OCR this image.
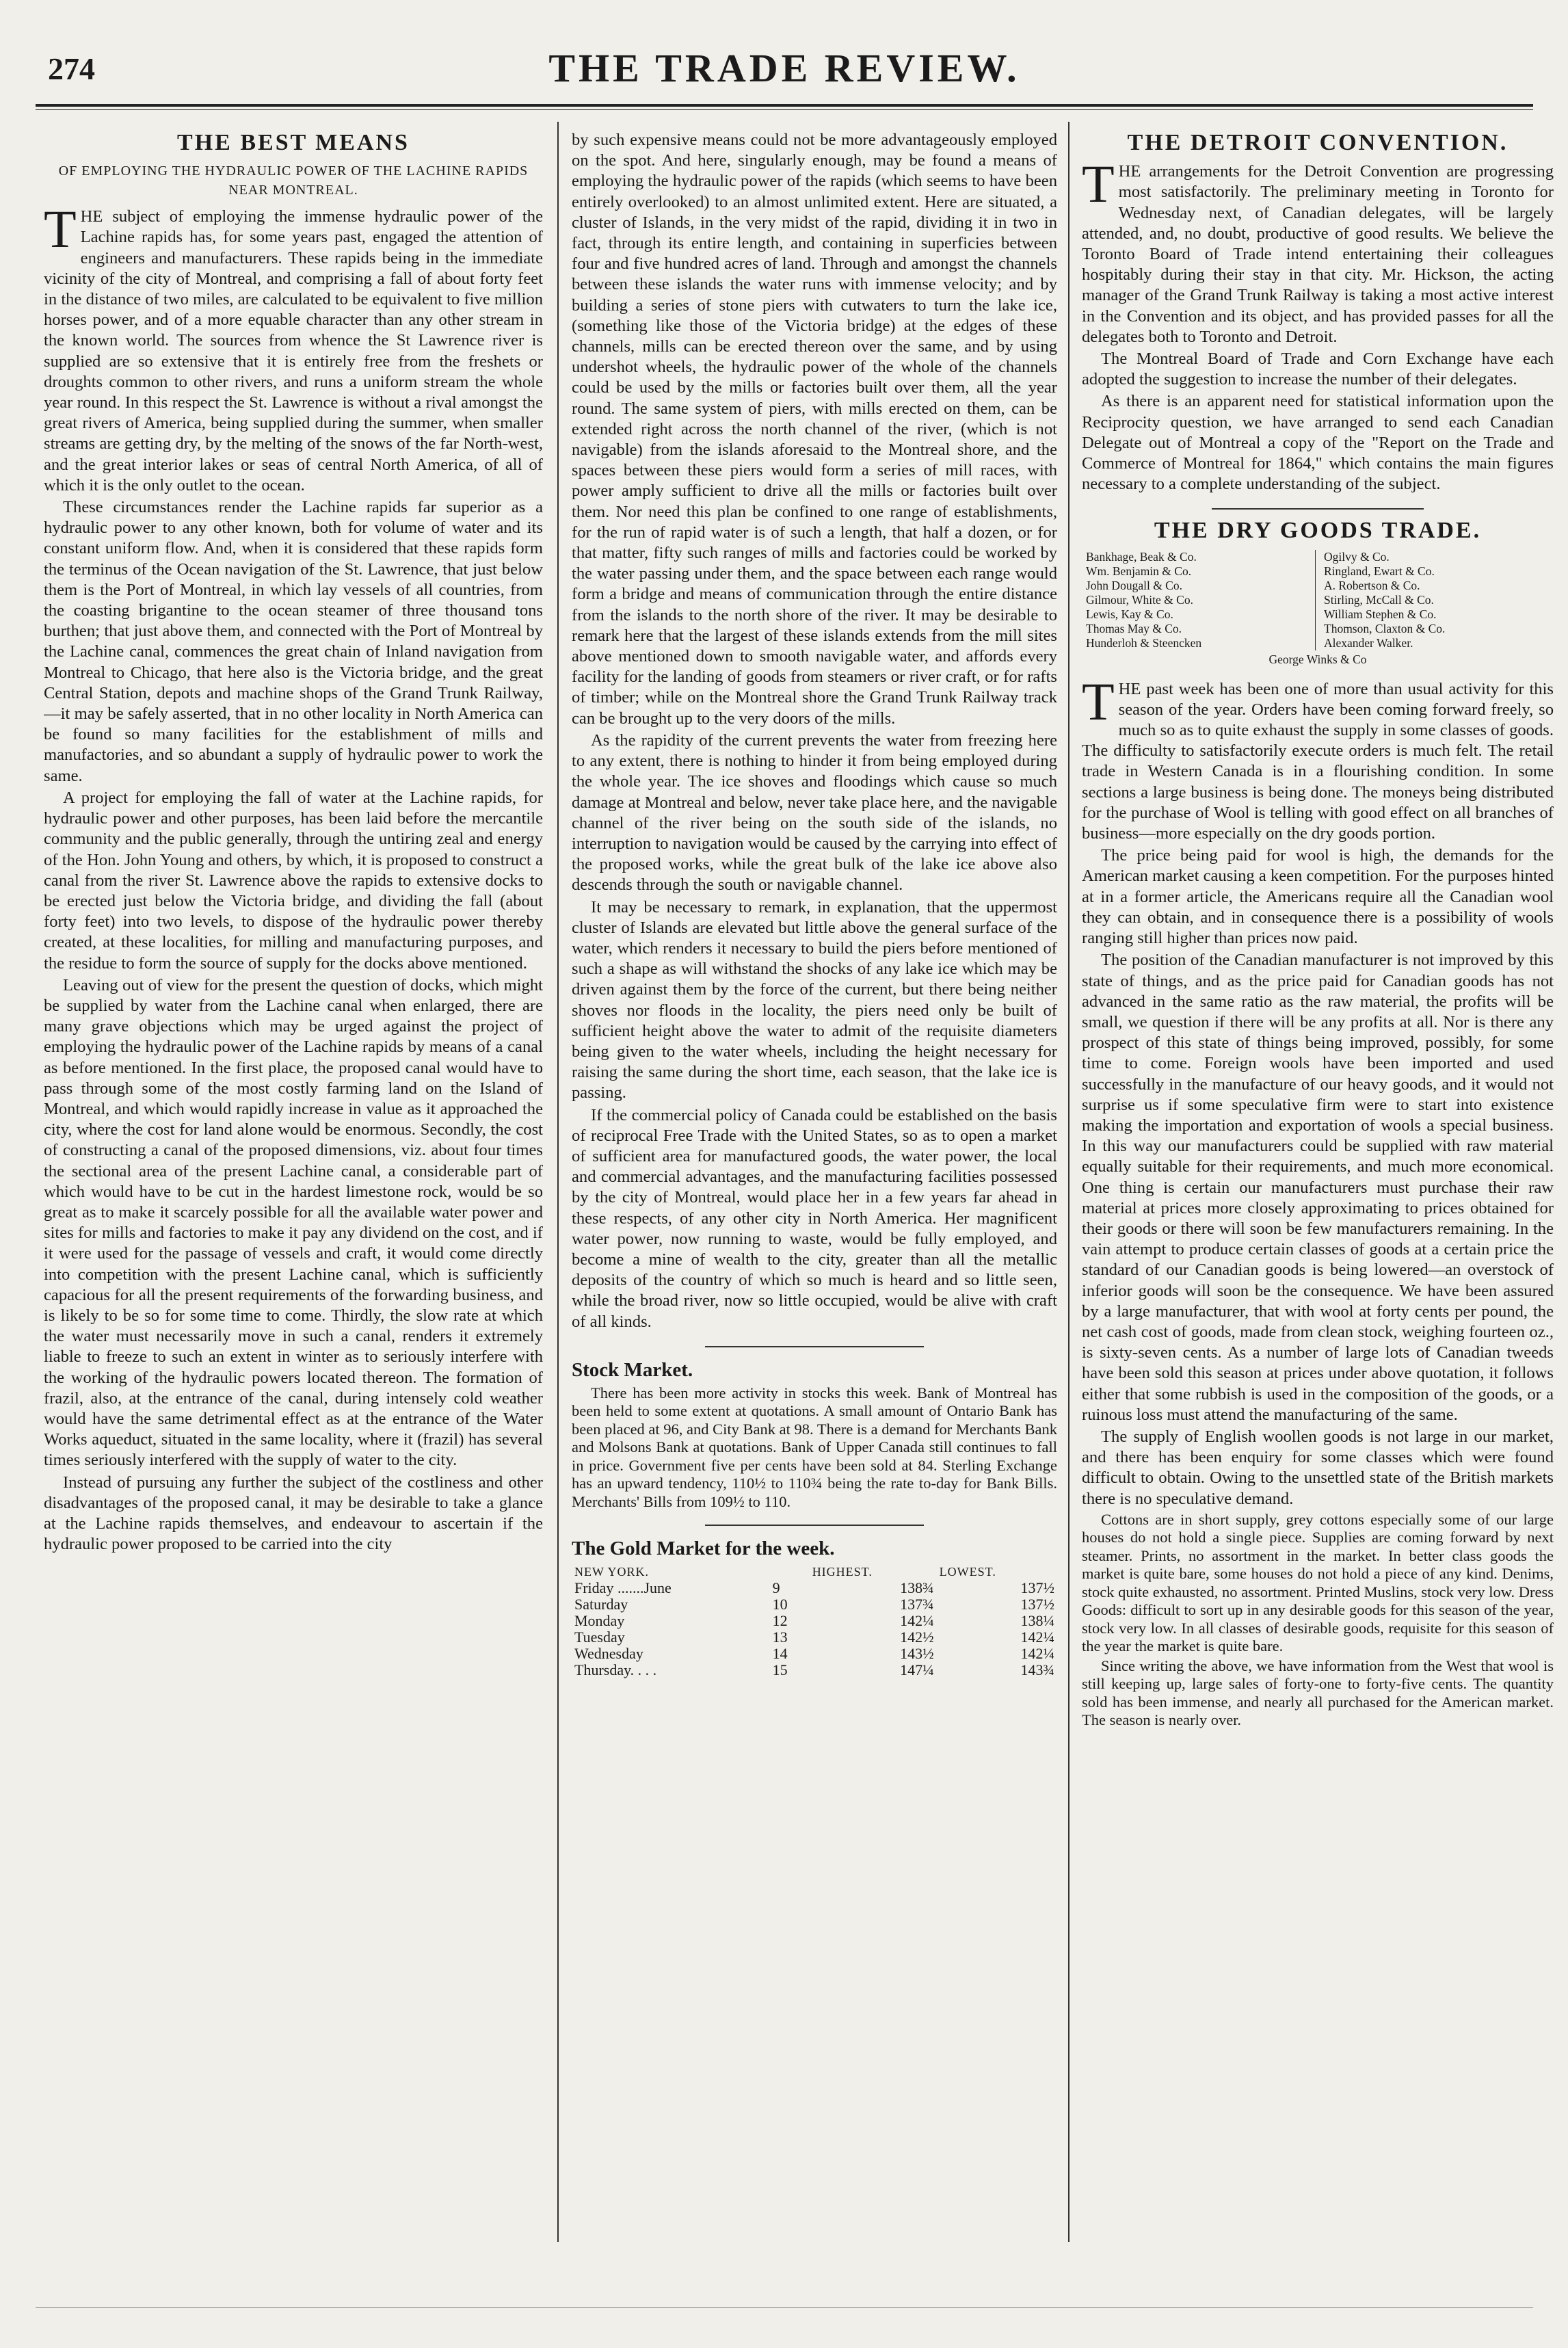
THE TRADE REVIEW.
274
THE BEST MEANS
OF EMPLOYING THE HYDRAULIC POWER OF THE LACHINE RAPIDS NEAR MONTREAL.

THE subject of employing the immense hydraulic power of the Lachine rapids has, for some years past, engaged the attention of engineers and manufacturers. These rapids being in the immediate vicinity of the city of Montreal, and comprising a fall of about forty feet in the distance of two miles, are calculated to be equivalent to five million horses power, and of a more equable character than any other stream in the known world. The sources from whence the St Lawrence river is supplied are so extensive that it is entirely free from the freshets or droughts common to other rivers, and runs a uniform stream the whole year round. In this respect the St. Lawrence is without a rival amongst the great rivers of America, being supplied during the summer, when smaller streams are getting dry, by the melting of the snows of the far North-west, and the great interior lakes or seas of central North America, of all of which it is the only outlet to the ocean.

These circumstances render the Lachine rapids far superior as a hydraulic power to any other known, both for volume of water and its constant uniform flow. And, when it is considered that these rapids form the terminus of the Ocean navigation of the St. Lawrence, that just below them is the Port of Montreal, in which lay vessels of all countries, from the coasting brigantine to the ocean steamer of three thousand tons burthen; that just above them, and connected with the Port of Montreal by the Lachine canal, commences the great chain of Inland navigation from Montreal to Chicago, that here also is the Victoria bridge, and the great Central Station, depots and machine shops of the Grand Trunk Railway,—it may be safely asserted, that in no other locality in North America can be found so many facilities for the establishment of mills and manufactories, and so abundant a supply of hydraulic power to work the same.

A project for employing the fall of water at the Lachine rapids, for hydraulic power and other purposes, has been laid before the mercantile community and the public generally, through the untiring zeal and energy of the Hon. John Young and others, by which, it is proposed to construct a canal from the river St. Lawrence above the rapids to extensive docks to be erected just below the Victoria bridge, and dividing the fall (about forty feet) into two levels, to dispose of the hydraulic power thereby created, at these localities, for milling and manufacturing purposes, and the residue to form the source of supply for the docks above mentioned.

Leaving out of view for the present the question of docks, which might be supplied by water from the Lachine canal when enlarged, there are many grave objections which may be urged against the project of employing the hydraulic power of the Lachine rapids by means of a canal as before mentioned. In the first place, the proposed canal would have to pass through some of the most costly farming land on the Island of Montreal, and which would rapidly increase in value as it approached the city, where the cost for land alone would be enormous. Secondly, the cost of constructing a canal of the proposed dimensions, viz. about four times the sectional area of the present Lachine canal, a considerable part of which would have to be cut in the hardest limestone rock, would be so great as to make it scarcely possible for all the available water power and sites for mills and factories to make it pay any dividend on the cost, and if it were used for the passage of vessels and craft, it would come directly into competition with the present Lachine canal, which is sufficiently capacious for all the present requirements of the forwarding business, and is likely to be so for some time to come. Thirdly, the slow rate at which the water must necessarily move in such a canal, renders it extremely liable to freeze to such an extent in winter as to seriously interfere with the working of the hydraulic powers located thereon. The formation of frazil, also, at the entrance of the canal, during intensely cold weather would have the same detrimental effect as at the entrance of the Water Works aqueduct, situated in the same locality, where it (frazil) has several times seriously interfered with the supply of water to the city.

Instead of pursuing any further the subject of the costliness and other disadvantages of the proposed canal, it may be desirable to take a glance at the Lachine rapids themselves, and endeavour to ascertain if the hydraulic power proposed to be carried into the city

by such expensive means could not be more advantageously employed on the spot. And here, singularly enough, may be found a means of employing the hydraulic power of the rapids (which seems to have been entirely overlooked) to an almost unlimited extent. Here are situated, a cluster of Islands, in the very midst of the rapid, dividing it in two in fact, through its entire length, and containing in superficies between four and five hundred acres of land. Through and amongst the channels between these islands the water runs with immense velocity; and by building a series of stone piers with cutwaters to turn the lake ice, (something like those of the Victoria bridge) at the edges of these channels, mills can be erected thereon over the same, and by using undershot wheels, the hydraulic power of the whole of the channels could be used by the mills or factories built over them, all the year round. The same system of piers, with mills erected on them, can be extended right across the north channel of the river, (which is not navigable) from the islands aforesaid to the Montreal shore, and the spaces between these piers would form a series of mill races, with power amply sufficient to drive all the mills or factories built over them. Nor need this plan be confined to one range of establishments, for the run of rapid water is of such a length, that half a dozen, or for that matter, fifty such ranges of mills and factories could be worked by the water passing under them, and the space between each range would form a bridge and means of communication through the entire distance from the islands to the north shore of the river. It may be desirable to remark here that the largest of these islands extends from the mill sites above mentioned down to smooth navigable water, and affords every facility for the landing of goods from steamers or river craft, or for rafts of timber; while on the Montreal shore the Grand Trunk Railway track can be brought up to the very doors of the mills.

As the rapidity of the current prevents the water from freezing here to any extent, there is nothing to hinder it from being employed during the whole year. The ice shoves and floodings which cause so much damage at Montreal and below, never take place here, and the navigable channel of the river being on the south side of the islands, no interruption to navigation would be caused by the carrying into effect of the proposed works, while the great bulk of the lake ice above also descends through the south or navigable channel.

It may be necessary to remark, in explanation, that the uppermost cluster of Islands are elevated but little above the general surface of the water, which renders it necessary to build the piers before mentioned of such a shape as will withstand the shocks of any lake ice which may be driven against them by the force of the current, but there being neither shoves nor floods in the locality, the piers need only be built of sufficient height above the water to admit of the requisite diameters being given to the water wheels, including the height necessary for raising the same during the short time, each season, that the lake ice is passing.

If the commercial policy of Canada could be established on the basis of reciprocal Free Trade with the United States, so as to open a market of sufficient area for manufactured goods, the water power, the local and commercial advantages, and the manufacturing facilities possessed by the city of Montreal, would place her in a few years far ahead in these respects, of any other city in North America. Her magnificent water power, now running to waste, would be fully employed, and become a mine of wealth to the city, greater than all the metallic deposits of the country of which so much is heard and so little seen, while the broad river, now so little occupied, would be alive with craft of all kinds.

Stock Market.

There has been more activity in stocks this week. Bank of Montreal has been held to some extent at quotations. A small amount of Ontario Bank has been placed at 96, and City Bank at 98. There is a demand for Merchants Bank and Molsons Bank at quotations. Bank of Upper Canada still continues to fall in price. Government five per cents have been sold at 84. Sterling Exchange has an upward tendency, 110½ to 110¾ being the rate to-day for Bank Bills. Merchants' Bills from 109½ to 110.

The Gold Market for the week.
NEW YORK.		HIGHEST.	LOWEST.
Friday .......June	9	138¾	137½
Saturday	10	137¾	137½
Monday	12	142¼	138¼
Tuesday	13	142½	142¼
Wednesday	14	143½	142¼
Thursday. . . .	15	147¼	143¾
THE DETROIT CONVENTION.

THE arrangements for the Detroit Convention are progressing most satisfactorily. The preliminary meeting in Toronto for Wednesday next, of Canadian delegates, will be largely attended, and, no doubt, productive of good results. We believe the Toronto Board of Trade intend entertaining their colleagues hospitably during their stay in that city. Mr. Hickson, the acting manager of the Grand Trunk Railway is taking a most active interest in the Convention and its object, and has provided passes for all the delegates both to Toronto and Detroit.

The Montreal Board of Trade and Corn Exchange have each adopted the suggestion to increase the number of their delegates.

As there is an apparent need for statistical information upon the Reciprocity question, we have arranged to send each Canadian Delegate out of Montreal a copy of the "Report on the Trade and Commerce of Montreal for 1864," which contains the main figures necessary to a complete understanding of the subject.

THE DRY GOODS TRADE.
Bankhage, Beak & Co.
Wm. Benjamin & Co.
John Dougall & Co.
Gilmour, White & Co.
Lewis, Kay & Co.
Thomas May & Co.
Hunderloh & Steencken
Ogilvy & Co.
Ringland, Ewart & Co.
A. Robertson & Co.
Stirling, McCall & Co.
William Stephen & Co.
Thomson, Claxton & Co.
Alexander Walker.
George Winks & Co

THE past week has been one of more than usual activity for this season of the year. Orders have been coming forward freely, so much so as to quite exhaust the supply in some classes of goods. The difficulty to satisfactorily execute orders is much felt. The retail trade in Western Canada is in a flourishing condition. In some sections a large business is being done. The moneys being distributed for the purchase of Wool is telling with good effect on all branches of business—more especially on the dry goods portion.

The price being paid for wool is high, the demands for the American market causing a keen competition. For the purposes hinted at in a former article, the Americans require all the Canadian wool they can obtain, and in consequence there is a possibility of wools ranging still higher than prices now paid.

The position of the Canadian manufacturer is not improved by this state of things, and as the price paid for Canadian goods has not advanced in the same ratio as the raw material, the profits will be small, we question if there will be any profits at all. Nor is there any prospect of this state of things being improved, possibly, for some time to come. Foreign wools have been imported and used successfully in the manufacture of our heavy goods, and it would not surprise us if some speculative firm were to start into existence making the importation and exportation of wools a special business. In this way our manufacturers could be supplied with raw material equally suitable for their requirements, and much more economical. One thing is certain our manufacturers must purchase their raw material at prices more closely approximating to prices obtained for their goods or there will soon be few manufacturers remaining. In the vain attempt to produce certain classes of goods at a certain price the standard of our Canadian goods is being lowered—an overstock of inferior goods will soon be the consequence. We have been assured by a large manufacturer, that with wool at forty cents per pound, the net cash cost of goods, made from clean stock, weighing fourteen oz., is sixty-seven cents. As a number of large lots of Canadian tweeds have been sold this season at prices under above quotation, it follows either that some rubbish is used in the composition of the goods, or a ruinous loss must attend the manufacturing of the same.

The supply of English woollen goods is not large in our market, and there has been enquiry for some classes which were found difficult to obtain. Owing to the unsettled state of the British markets there is no speculative demand.

Cottons are in short supply, grey cottons especially some of our large houses do not hold a single piece. Supplies are coming forward by next steamer. Prints, no assortment in the market. In better class goods the market is quite bare, some houses do not hold a piece of any kind. Denims, stock quite exhausted, no assortment. Printed Muslins, stock very low. Dress Goods: difficult to sort up in any desirable goods for this season of the year, stock very low. In all classes of desirable goods, requisite for this season of the year the market is quite bare.

Since writing the above, we have information from the West that wool is still keeping up, large sales of forty-one to forty-five cents. The quantity sold has been immense, and nearly all purchased for the American market. The season is nearly over.
